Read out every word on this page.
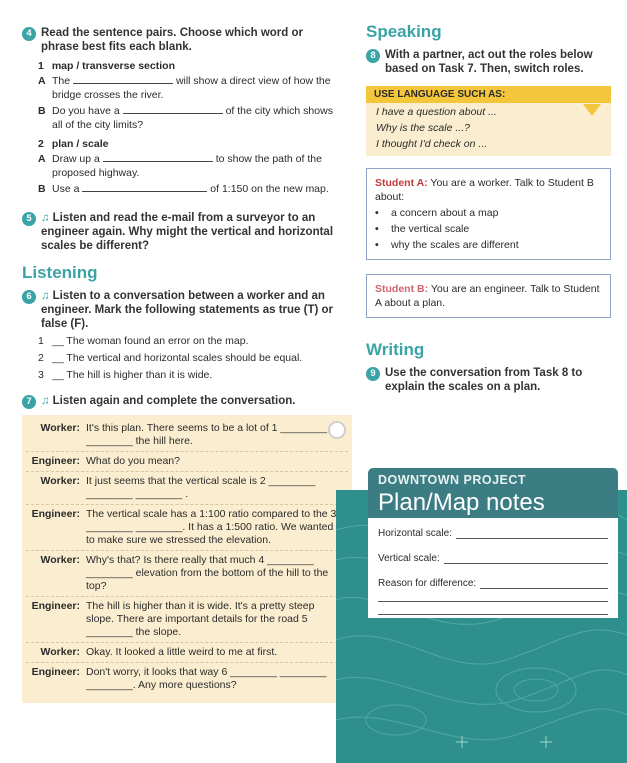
4 Read the sentence pairs. Choose which word or phrase best fits each blank.
1 map / transverse section
A The	will show a direct view of how the bridge crosses the river.
B Do you have a	of the city which shows all of the city limits?
2 plan / scale
A Draw up a	to show the path of the proposed highway.
B Use a	of 1:150 on the new map.
5 ♫ Listen and read the e-mail from a surveyor to an engineer again. Why might the vertical and horizontal scales be different?
Listening
6 ♫ Listen to a conversation between a worker and an engineer. Mark the following statements as true (T) or false (F).
1 __ The woman found an error on the map.
2 __ The vertical and horizontal scales should be equal.
3 __ The hill is higher than it is wide.
7 ♫ Listen again and complete the conversation.
Worker: It's this plan. There seems to be a lot of 1 ________ ________ the hill here.
Engineer: What do you mean?
Worker: It just seems that the vertical scale is 2 ________ ________ ________ .
Engineer: The vertical scale has a 1:100 ratio compared to the 3 ________ ________. It has a 1:500 ratio. We wanted to make sure we stressed the elevation.
Worker: Why's that? Is there really that much 4 ________ ________ elevation from the bottom of the hill to the top?
Engineer: The hill is higher than it is wide. It's a pretty steep slope. There are important details for the road 5 ________ the slope.
Worker: Okay. It looked a little weird to me at first.
Engineer: Don't worry, it looks that way 6 ________ ________ ________. Any more questions?
Speaking
8 With a partner, act out the roles below based on Task 7. Then, switch roles.
USE LANGUAGE SUCH AS:
I have a question about ...
Why is the scale ...?
I thought I'd check on ...
Student A: You are a worker. Talk to Student B about:
•	a concern about a map
•	the vertical scale
•	why the scales are different
Student B: You are an engineer. Talk to Student A about a plan.
Writing
9 Use the conversation from Task 8 to explain the scales on a plan.
DOWNTOWN PROJECT
Plan/Map notes
Horizontal scale:
Vertical scale:
Reason for difference:
